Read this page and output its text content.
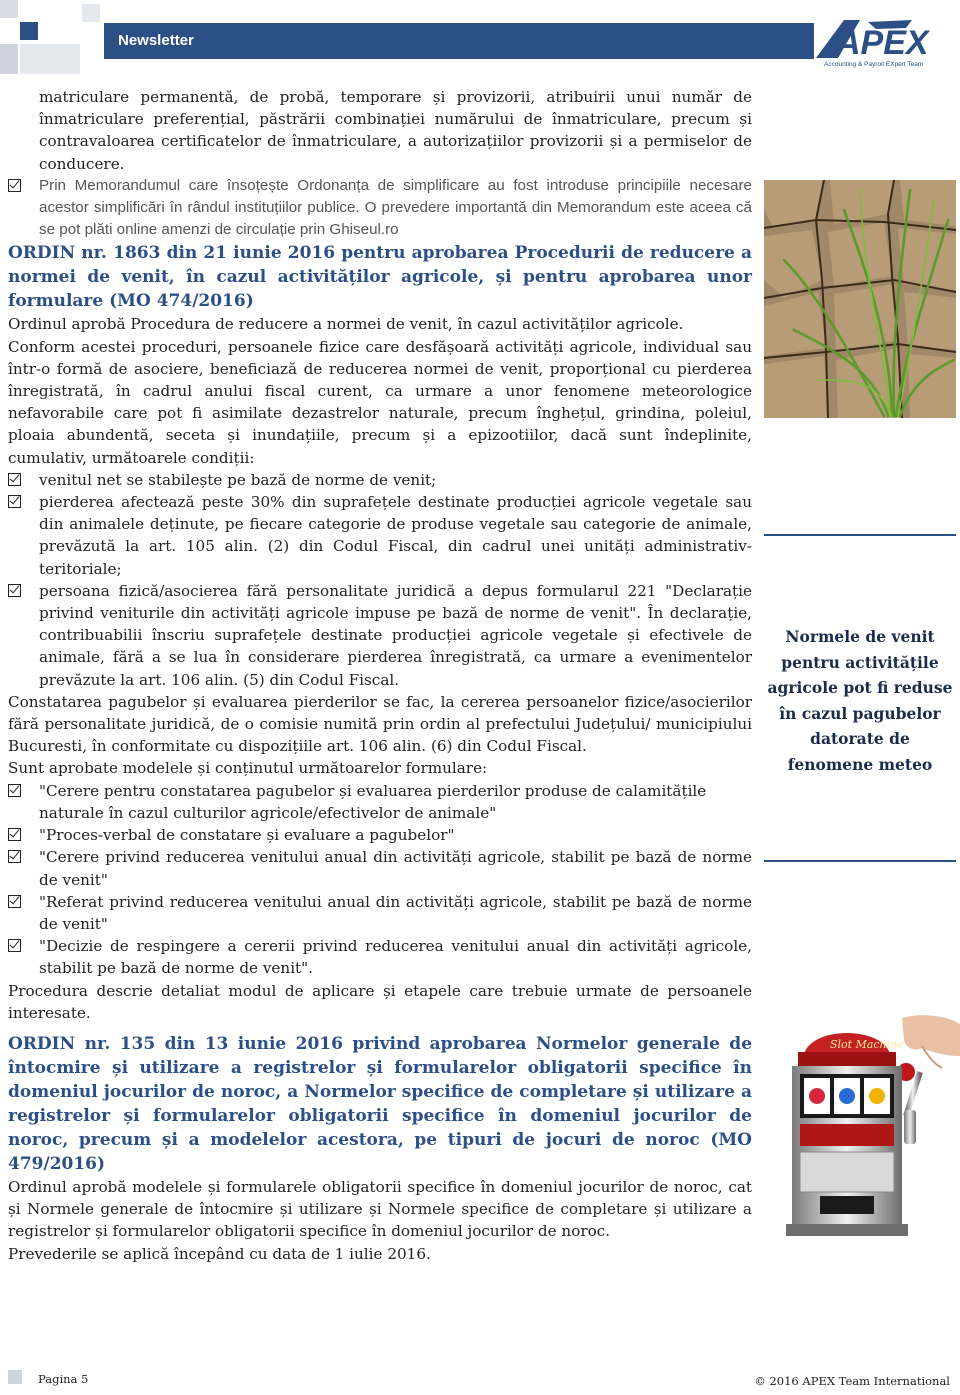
Newsletter	APEX
Accounting & Payroll EXpert Team

matriculare permanentă, de probă, temporare și provizorii, atribuirii unui număr de înmatriculare preferențial, păstrării combinației numărului de înmatriculare, precum și contravaloarea certificatelor de înmatriculare, a autorizațiilor provizorii și a permiselor de conducere.

Prin Memorandumul care însoțește Ordonanța de simplificare au fost introduse principiile necesare acestor simplificări în rândul instituțiilor publice. O prevedere importantă din Memorandum este aceea că se pot plăti online amenzi de circulație prin Ghiseul.ro

ORDIN nr. 1863 din 21 iunie 2016 pentru aprobarea Procedurii de reducere a normei de venit, în cazul activităților agricole, și pentru aprobarea unor formulare (MO 474/2016)

Ordinul aprobă Procedura de reducere a normei de venit, în cazul activităților agricole.

Conform acestei proceduri, persoanele fizice care desfășoară activități agricole, individual sau într-o formă de asociere, beneficiază de reducerea normei de venit, proporțional cu pierderea înregistrată, în cadrul anului fiscal curent, ca urmare a unor fenomene meteorologice nefavorabile care pot fi asimilate dezastrelor naturale, precum înghețul, grindina, poleiul, ploaia abundentă, seceta și inundațiile, precum și a epizootiilor, dacă sunt îndeplinite, cumulativ, următoarele condiții:

venitul net se stabilește pe bază de norme de venit;

pierderea afectează peste 30% din suprafețele destinate producției agricole vegetale sau din animalele deținute, pe fiecare categorie de produse vegetale sau categorie de animale, prevăzută la art. 105 alin. (2) din Codul Fiscal, din cadrul unei unități administrativ-teritoriale;

persoana fizică/asocierea fără personalitate juridică a depus formularul 221 "Declarație privind veniturile din activități agricole impuse pe bază de norme de venit". În declarație, contribuabilii înscriu suprafețele destinate producției agricole vegetale și efectivele de animale, fără a se lua în considerare pierderea înregistrată, ca urmare a evenimentelor prevăzute la art. 106 alin. (5) din Codul Fiscal.

Constatarea pagubelor și evaluarea pierderilor se fac, la cererea persoanelor fizice/asocierilor fără personalitate juridică, de o comisie numită prin ordin al prefectului Județului/ municipiului Bucuresti, în conformitate cu dispozițiile art. 106 alin. (6) din Codul Fiscal.

Sunt aprobate modelele și conținutul următoarelor formulare:

"Cerere pentru constatarea pagubelor și evaluarea pierderilor produse de calamitățile naturale în cazul culturilor agricole/efectivelor de animale"

"Proces-verbal de constatare și evaluare a pagubelor"

"Cerere privind reducerea venitului anual din activități agricole, stabilit pe bază de norme de venit"

"Referat privind reducerea venitului anual din activități agricole, stabilit pe bază de norme de venit"

"Decizie de respingere a cererii privind reducerea venitului anual din activități agricole, stabilit pe bază de norme de venit".

Procedura descrie detaliat modul de aplicare și etapele care trebuie urmate de persoanele interesate.

ORDIN nr. 135 din 13 iunie 2016 privind aprobarea Normelor generale de întocmire și utilizare a registrelor și formularelor obligatorii specifice în domeniul jocurilor de noroc, a Normelor specifice de completare și utilizare a registrelor și formularelor obligatorii specifice în domeniul jocurilor de noroc, precum și a modelelor acestora, pe tipuri de jocuri de noroc (MO 479/2016)

Ordinul aprobă modelele și formularele obligatorii specifice în domeniul jocurilor de noroc, cat și Normele generale de întocmire și utilizare și Normele specifice de completare și utilizare a registrelor și formularelor obligatorii specifice în domeniul jocurilor de noroc.

Prevederile se aplică începând cu data de 1 iulie 2016.

Normele de venit pentru activitățile agricole pot fi reduse în cazul pagubelor datorate de fenomene meteo
Slot Machine
Pagina 5	© 2016 APEX Team International
